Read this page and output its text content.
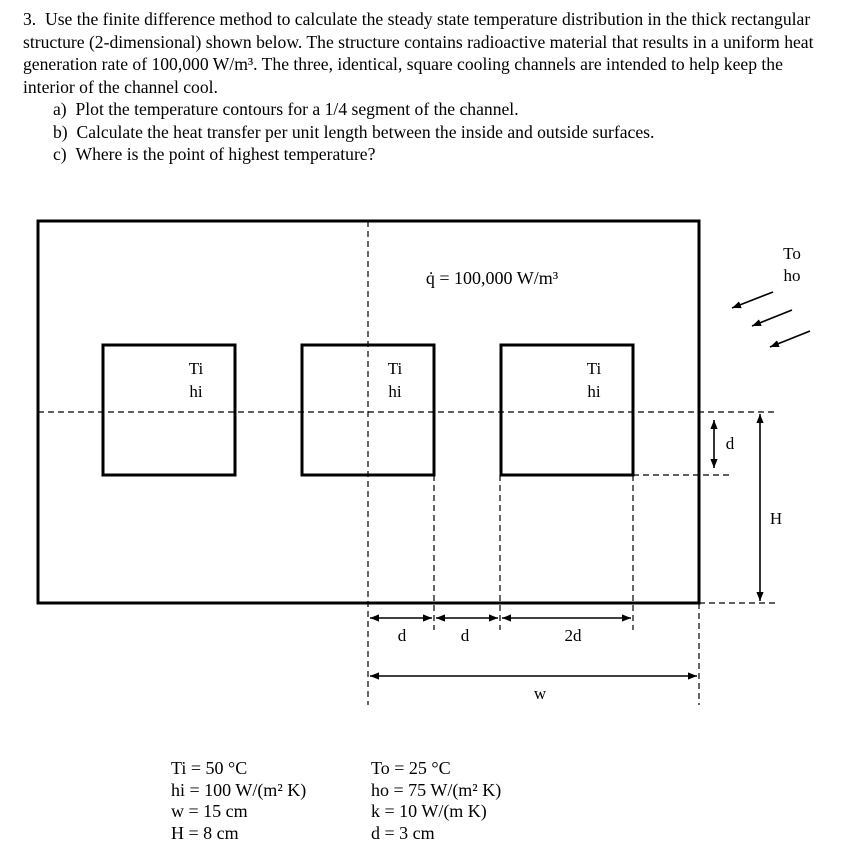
3. Use the finite difference method to calculate the steady state temperature distribution in the thick rectangular structure (2-dimensional) shown below. The structure contains radioactive material that results in a uniform heat generation rate of 100,000 W/m³. The three, identical, square cooling channels are intended to help keep the interior of the channel cool.

a) Plot the temperature contours for a 1/4 segment of the channel.
b) Calculate the heat transfer per unit length between the inside and outside surfaces.
c) Where is the point of highest temperature?
q̇ = 100,000 W/m³
Ti
hi
Ti
hi
Ti
hi
To
ho
d
H
d	d	2d
w
Ti = 50 °C
hi = 100 W/(m² K)
w = 15 cm
H = 8 cm
To = 25 °C
ho = 75 W/(m² K)
k = 10 W/(m K)
d = 3 cm
